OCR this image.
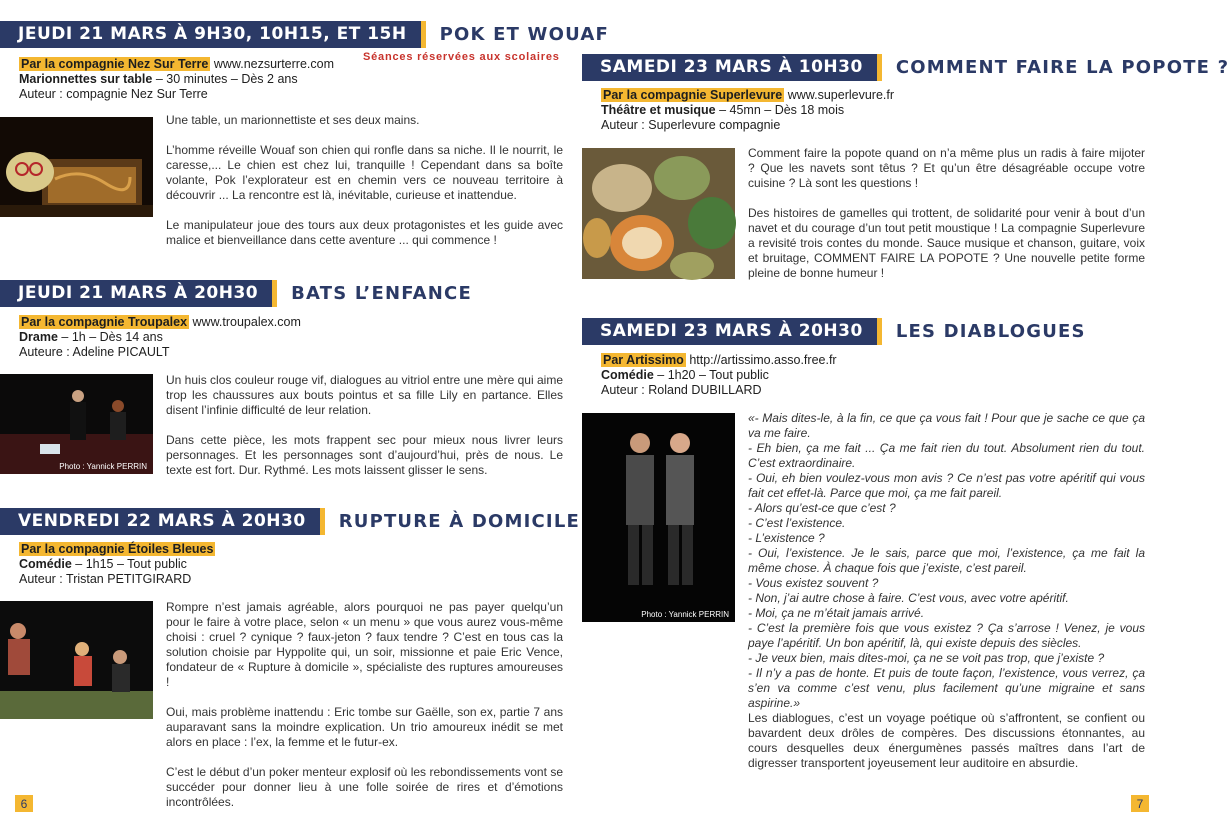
JEUDI 21 MARS À 9H30, 10H15, ET 15H	POK ET WOUAF
Séances réservées aux scolaires
Par la compagnie Nez Sur Terre www.nezsurterre.com
Marionnettes sur table – 30 minutes – Dès 2 ans
Auteur : compagnie Nez Sur Terre

Une table, un marionnettiste et ses deux mains.

L’homme réveille Wouaf son chien qui ronfle dans sa niche. Il le nourrit, le caresse,... Le chien est chez lui, tranquille ! Cependant dans sa boîte volante, Pok l’explorateur est en chemin vers ce nouveau territoire à découvrir ... La rencontre est là, inévitable, curieuse et inattendue.

Le manipulateur joue des tours aux deux protagonistes et les guide avec malice et bienveillance dans cette aventure ... qui commence !

JEUDI 21 MARS À 20H30	BATS L’ENFANCE
Par la compagnie Troupalex www.troupalex.com
Drame – 1h – Dès 14 ans
Auteure : Adeline PICAULT
Photo : Yannick PERRIN

Un huis clos couleur rouge vif, dialogues au vitriol entre une mère qui aime trop les chaussures aux bouts pointus et sa fille Lily en partance. Elles disent l’infinie difficulté de leur relation.

Dans cette pièce, les mots frappent sec pour mieux nous livrer leurs personnages. Et les personnages sont d’aujourd’hui, près de nous. Le texte est fort. Dur. Rythmé. Les mots laissent glisser le sens.

VENDREDI 22 MARS À 20H30	RUPTURE À DOMICILE
Par la compagnie Étoiles Bleues
Comédie – 1h15 – Tout public
Auteur : Tristan PETITGIRARD

Rompre n’est jamais agréable, alors pourquoi ne pas payer quelqu’un pour le faire à votre place, selon « un menu » que vous aurez vous-même choisi : cruel ? cynique ? faux-jeton ? faux tendre ? C’est en tous cas la solution choisie par Hyppolite qui, un soir, missionne et paie Eric Vence, fondateur de « Rupture à domicile », spécialiste des ruptures amoureuses !

Oui, mais problème inattendu : Eric tombe sur Gaëlle, son ex, partie 7 ans auparavant sans la moindre explication. Un trio amoureux inédit se met alors en place : l’ex, la femme et le futur-ex.

C’est le début d’un poker menteur explosif où les rebondissements vont se succéder pour donner lieu à une folle soirée de rires et d’émotions incontrôlées.

6
SAMEDI 23 MARS À 10H30	COMMENT FAIRE LA POPOTE ?
Par la compagnie Superlevure www.superlevure.fr
Théâtre et musique – 45mn – Dès 18 mois
Auteur : Superlevure compagnie

Comment faire la popote quand on n’a même plus un radis à faire mijoter ? Que les navets sont têtus ? Et qu’un être désagréable occupe votre cuisine ? Là sont les questions !

Des histoires de gamelles qui trottent, de solidarité pour venir à bout d’un navet et du courage d’un tout petit moustique ! La compagnie Superlevure a revisité trois contes du monde. Sauce musique et chanson, guitare, voix et bruitage, COMMENT FAIRE LA POPOTE ? Une nouvelle petite forme pleine de bonne humeur !

SAMEDI 23 MARS À 20H30	LES DIABLOGUES
Par Artissimo http://artissimo.asso.free.fr
Comédie – 1h20 – Tout public
Auteur : Roland DUBILLARD
Photo : Yannick PERRIN

«- Mais dites-le, à la fin, ce que ça vous fait ! Pour que je sache ce que ça va me faire.

- Eh bien, ça me fait ... Ça me fait rien du tout. Absolument rien du tout. C’est extraordinaire.

- Oui, eh bien voulez-vous mon avis ? Ce n’est pas votre apéritif qui vous fait cet effet-là. Parce que moi, ça me fait pareil.

- Alors qu’est-ce que c’est ?

- C’est l’existence.

- L’existence ?

- Oui, l’existence. Je le sais, parce que moi, l’existence, ça me fait la même chose. À chaque fois que j’existe, c’est pareil.

- Vous existez souvent ?

- Non, j’ai autre chose à faire. C’est vous, avec votre apéritif.

- Moi, ça ne m’était jamais arrivé.

- C’est la première fois que vous existez ? Ça s’arrose ! Venez, je vous paye l’apéritif. Un bon apéritif, là, qui existe depuis des siècles.

- Je veux bien, mais dites-moi, ça ne se voit pas trop, que j’existe ?

- Il n’y a pas de honte. Et puis de toute façon, l’existence, vous verrez, ça s’en va comme c’est venu, plus facilement qu’une migraine et sans aspirine.»

Les diablogues, c’est un voyage poétique où s’affrontent, se confient ou bavardent deux drôles de compères. Des discussions étonnantes, au cours desquelles deux énergumènes passés maîtres dans l’art de digresser transportent joyeusement leur auditoire en absurdie.

7
